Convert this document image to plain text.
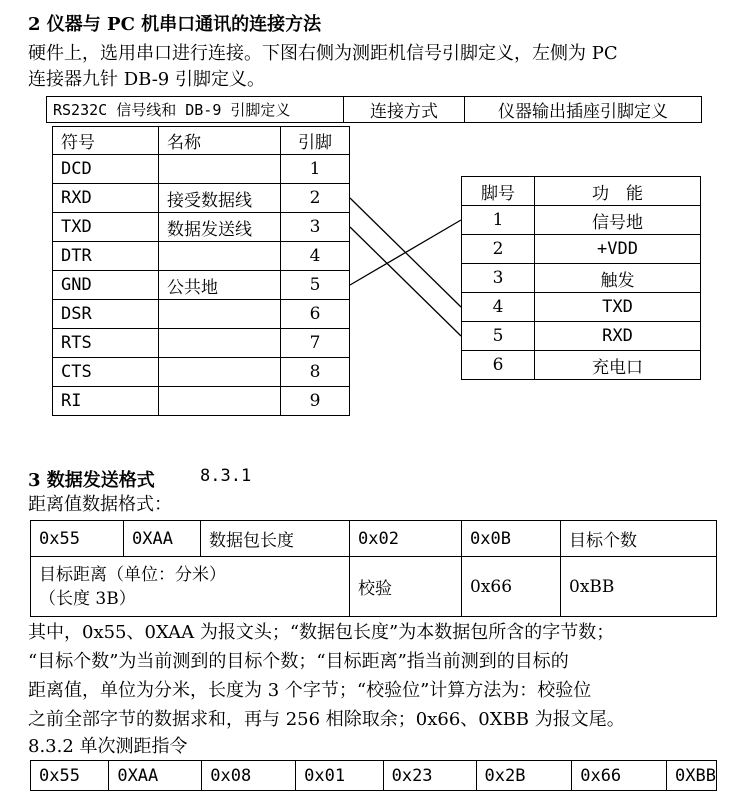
2 仪器与 PC 机串口通讯的连接方法
硬件上，选用串口进行连接。下图右侧为测距机信号引脚定义，左侧为 PC
连接器九针 DB-9 引脚定义。
RS232C 信号线和 DB-9 引脚定义	连接方式	仪器输出插座引脚定义
符号	名称	引脚
DCD		1
RXD	接受数据线	2
TXD	数据发送线	3
DTR		4
GND	公共地	5
DSR		6
RTS		7
CTS		8
RI		9
脚号	功　能
1	信号地
2	+VDD
3	触发
4	TXD
5	RXD
6	充电口
3 数据发送格式	8.3.1
距离值数据格式：
0x55	0XAA	数据包长度	0x02	0x0B	目标个数

目标距离（单位：分米）
（长度 3B）			校验	0x66	0xBB
其中，0x55、0XAA 为报文头；“数据包长度”为本数据包所含的字节数；
“目标个数”为当前测到的目标个数；“目标距离”指当前测到的目标的
距离值，单位为分米，长度为 3 个字节；“校验位”计算方法为：校验位
之前全部字节的数据求和，再与 256 相除取余；0x66、0XBB 为报文尾。
8.3.2 单次测距指令
0x55	0XAA	0x08	0x01	0x23	0x2B	0x66	0XBB
